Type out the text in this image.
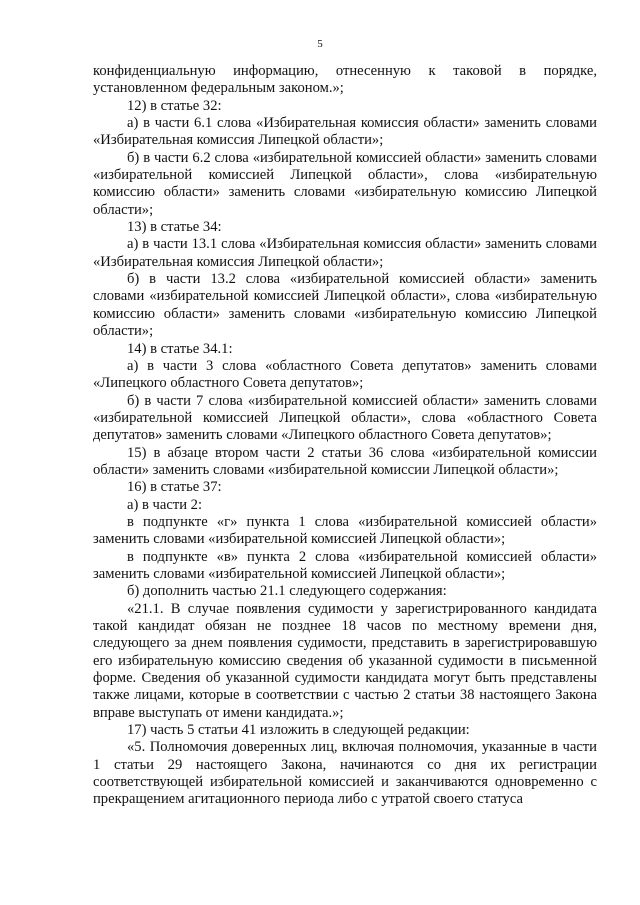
5

конфиденциальную информацию, отнесенную к таковой в порядке, установленном федеральным законом.»;

12) в статье 32:

а) в части 6.1 слова «Избирательная комиссия области» заменить словами «Избирательная комиссия Липецкой области»;

б) в части 6.2 слова «избирательной комиссией области» заменить словами «избирательной комиссией Липецкой области», слова «избирательную комиссию области» заменить словами «избирательную комиссию Липецкой области»;

13) в статье 34:

а) в части 13.1 слова «Избирательная комиссия области» заменить словами «Избирательная комиссия Липецкой области»;

б) в части 13.2 слова «избирательной комиссией области» заменить словами «избирательной комиссией Липецкой области», слова «избирательную комиссию области» заменить словами «избирательную комиссию Липецкой области»;

14) в статье 34.1:

а) в части 3 слова «областного Совета депутатов» заменить словами «Липецкого областного Совета депутатов»;

б) в части 7 слова «избирательной комиссией области» заменить словами «избирательной комиссией Липецкой области», слова «областного Совета депутатов» заменить словами «Липецкого областного Совета депутатов»;

15) в абзаце втором части 2 статьи 36 слова «избирательной комиссии области» заменить словами «избирательной комиссии Липецкой области»;

16) в статье 37:

а) в части 2:

в подпункте «г» пункта 1 слова «избирательной комиссией области» заменить словами «избирательной комиссией Липецкой области»;

в подпункте «в» пункта 2 слова «избирательной комиссией области» заменить словами «избирательной комиссией Липецкой области»;

б) дополнить частью 21.1 следующего содержания:

«21.1. В случае появления судимости у зарегистрированного кандидата такой кандидат обязан не позднее 18 часов по местному времени дня, следующего за днем появления судимости, представить в зарегистрировавшую его избирательную комиссию сведения об указанной судимости в письменной форме. Сведения об указанной судимости кандидата могут быть представлены также лицами, которые в соответствии с частью 2 статьи 38 настоящего Закона вправе выступать от имени кандидата.»;

17) часть 5 статьи 41 изложить в следующей редакции:

«5. Полномочия доверенных лиц, включая полномочия, указанные в части 1 статьи 29 настоящего Закона, начинаются со дня их регистрации соответствующей избирательной комиссией и заканчиваются одновременно с прекращением агитационного периода либо с утратой своего статуса
